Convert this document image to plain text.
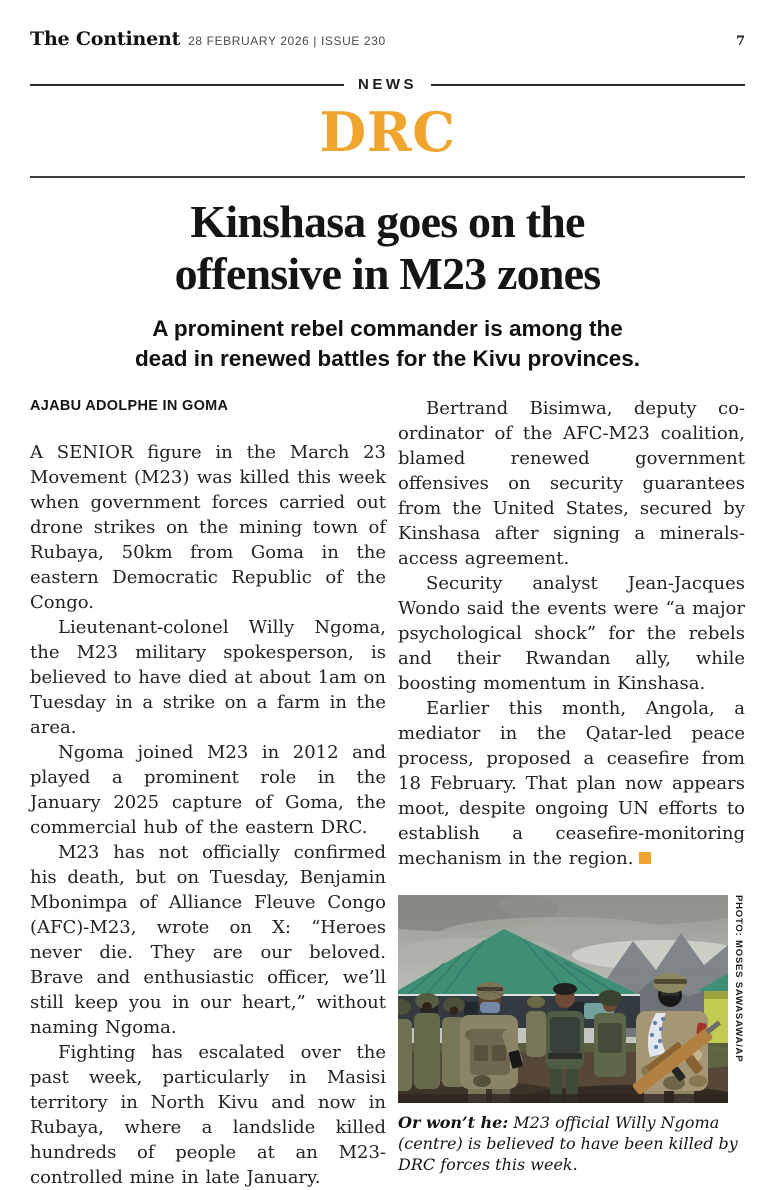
The Continent 28 FEBRUARY 2026 | ISSUE 230	7
NEWS
DRC
Kinshasa goes on the
offensive in M23 zones
A prominent rebel commander is among the
dead in renewed battles for the Kivu provinces.
AJABU ADOLPHE IN GOMA

A SENIOR figure in the March 23 Movement (M23) was killed this week when government forces carried out drone strikes on the mining town of Rubaya, 50km from Goma in the eastern Democratic Republic of the Congo.

Lieutenant-colonel Willy Ngoma, the M23 military spokesperson, is believed to have died at about 1am on Tuesday in a strike on a farm in the area.

Ngoma joined M23 in 2012 and played a prominent role in the January 2025 capture of Goma, the commercial hub of the eastern DRC.

M23 has not officially confirmed his death, but on Tuesday, Benjamin Mbonimpa of Alliance Fleuve Congo (AFC)-M23, wrote on X: “Heroes never die. They are our beloved. Brave and enthusiastic officer, we’ll still keep you in our heart,” without naming Ngoma.

Fighting has escalated over the past week, particularly in Masisi territory in North Kivu and now in Rubaya, where a landslide killed hundreds of people at an M23-controlled mine in late January.

Bertrand Bisimwa, deputy co-ordinator of the AFC-M23 coalition, blamed renewed government offensives on security guarantees from the United States, secured by Kinshasa after signing a minerals-access agreement.

Security analyst Jean-Jacques Wondo said the events were “a major psychological shock” for the rebels and their Rwandan ally, while boosting momentum in Kinshasa.

Earlier this month, Angola, a mediator in the Qatar-led peace process, proposed a ceasefire from 18 February. That plan now appears moot, despite ongoing UN efforts to establish a ceasefire-monitoring mechanism in the region.

PHOTO: MOSES SAWASAWA/AP
Or won’t he: M23 official Willy Ngoma (centre) is believed to have been killed by DRC forces this week.
